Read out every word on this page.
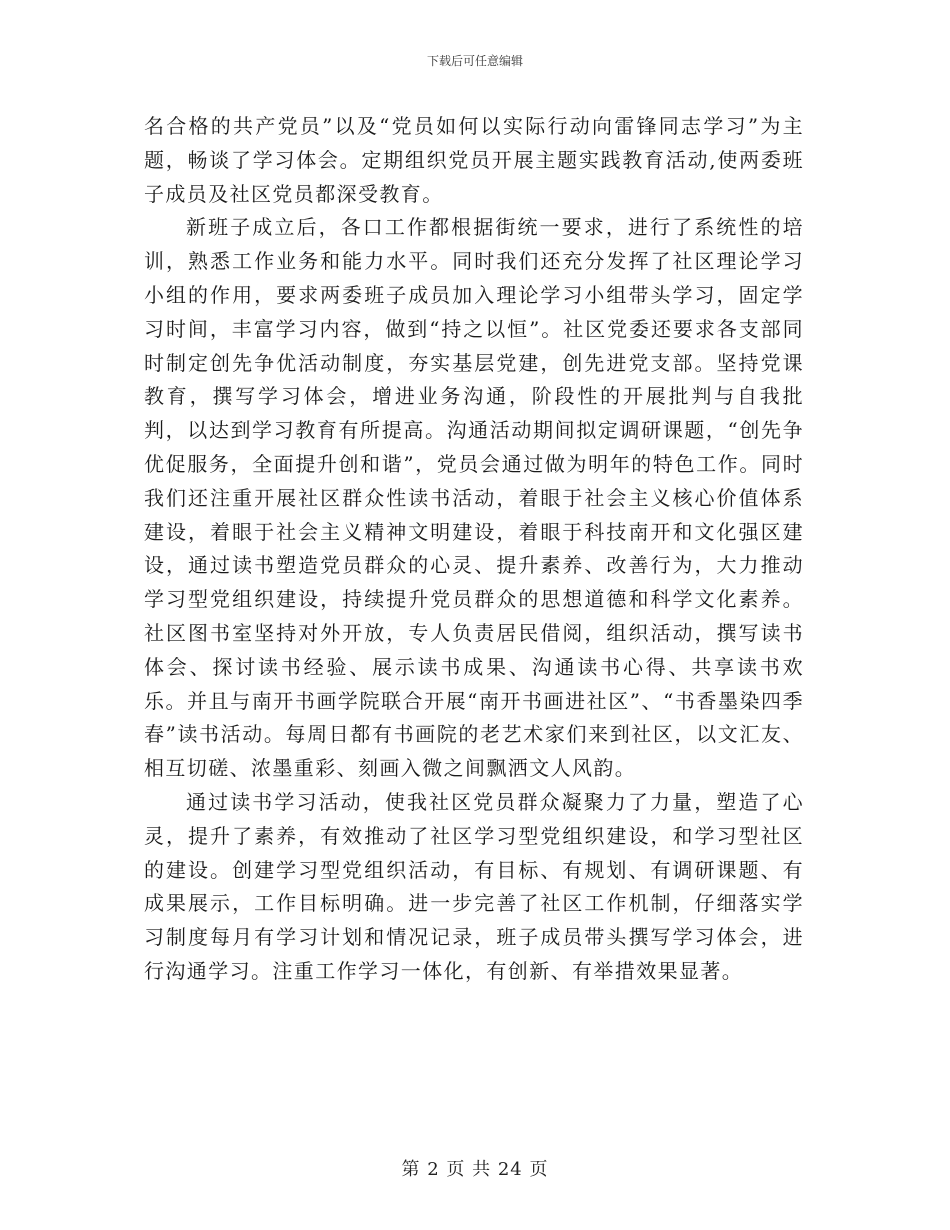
下载后可任意编辑

名合格的共产党员”以及“党员如何以实际行动向雷锋同志学习”为主题，畅谈了学习体会。定期组织党员开展主题实践教育活动,使两委班子成员及社区党员都深受教育。

新班子成立后，各口工作都根据街统一要求，进行了系统性的培训，熟悉工作业务和能力水平。同时我们还充分发挥了社区理论学习小组的作用，要求两委班子成员加入理论学习小组带头学习，固定学习时间，丰富学习内容，做到“持之以恒”。社区党委还要求各支部同时制定创先争优活动制度，夯实基层党建，创先进党支部。坚持党课教育，撰写学习体会，增进业务沟通，阶段性的开展批判与自我批判，以达到学习教育有所提高。沟通活动期间拟定调研课题，“创先争优促服务，全面提升创和谐”，党员会通过做为明年的特色工作。同时我们还注重开展社区群众性读书活动，着眼于社会主义核心价值体系建设，着眼于社会主义精神文明建设，着眼于科技南开和文化强区建设，通过读书塑造党员群众的心灵、提升素养、改善行为，大力推动学习型党组织建设，持续提升党员群众的思想道德和科学文化素养。社区图书室坚持对外开放，专人负责居民借阅，组织活动，撰写读书体会、探讨读书经验、展示读书成果、沟通读书心得、共享读书欢乐。并且与南开书画学院联合开展“南开书画进社区”、“书香墨染四季春”读书活动。每周日都有书画院的老艺术家们来到社区，以文汇友、相互切磋、浓墨重彩、刻画入微之间飘洒文人风韵。

通过读书学习活动，使我社区党员群众凝聚力了力量，塑造了心灵，提升了素养，有效推动了社区学习型党组织建设，和学习型社区的建设。创建学习型党组织活动，有目标、有规划、有调研课题、有成果展示，工作目标明确。进一步完善了社区工作机制，仔细落实学习制度每月有学习计划和情况记录，班子成员带头撰写学习体会，进行沟通学习。注重工作学习一体化，有创新、有举措效果显著。

第 2 页 共 24 页
